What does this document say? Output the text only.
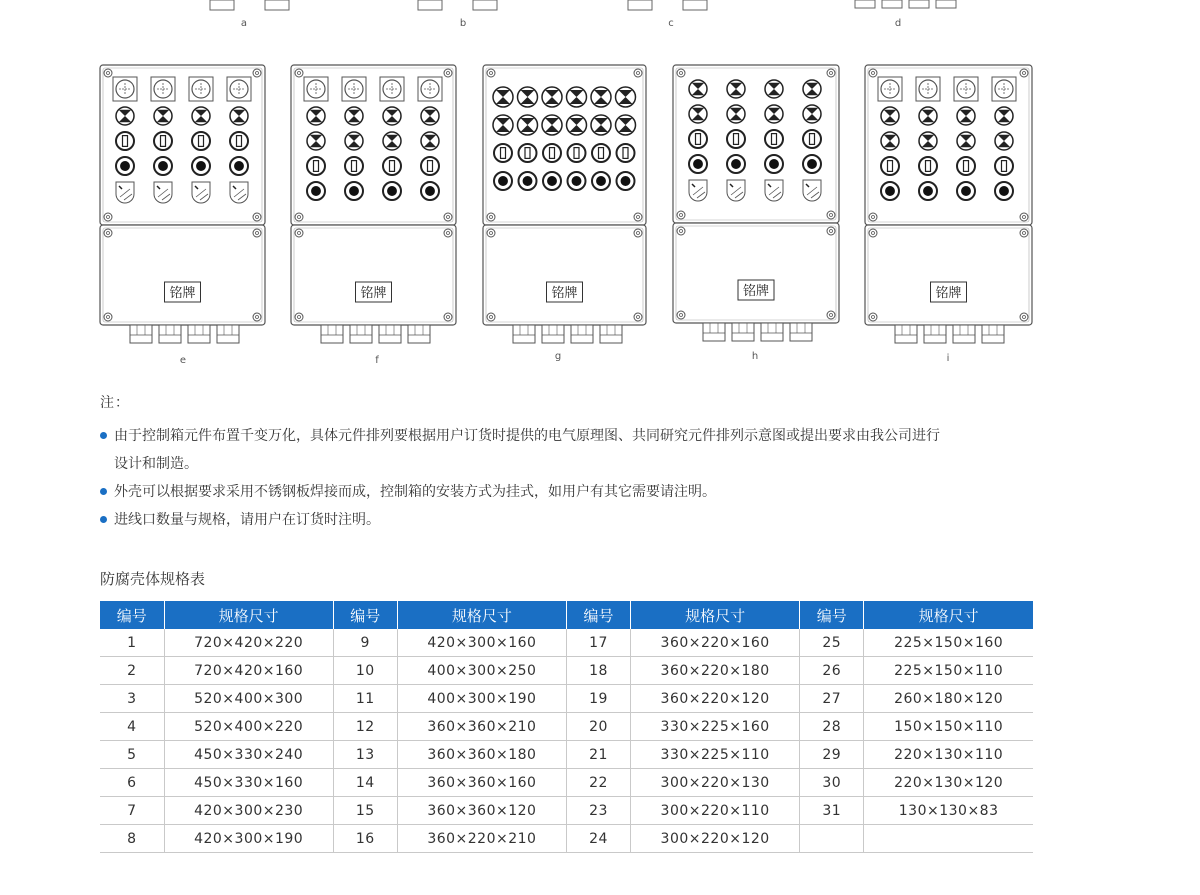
a	b	c	d
铭牌	铭牌	铭牌	铭牌	铭牌
e	f	g	h	i
注：
由于控制箱元件布置千变万化，具体元件排列要根据用户订货时提供的电气原理图、共同研究元件排列示意图或提出要求由我公司进行
设计和制造。
外壳可以根据要求采用不锈钢板焊接而成，控制箱的安装方式为挂式，如用户有其它需要请注明。
进线口数量与规格，请用户在订货时注明。
防腐壳体规格表
编号	规格尺寸	编号	规格尺寸	编号	规格尺寸	编号	规格尺寸
1	720×420×220	9	420×300×160	17	360×220×160	25	225×150×160
2	720×420×160	10	400×300×250	18	360×220×180	26	225×150×110
3	520×400×300	11	400×300×190	19	360×220×120	27	260×180×120
4	520×400×220	12	360×360×210	20	330×225×160	28	150×150×110
5	450×330×240	13	360×360×180	21	330×225×110	29	220×130×110
6	450×330×160	14	360×360×160	22	300×220×130	30	220×130×120
7	420×300×230	15	360×360×120	23	300×220×110	31	130×130×83
8	420×300×190	16	360×220×210	24	300×220×120		
